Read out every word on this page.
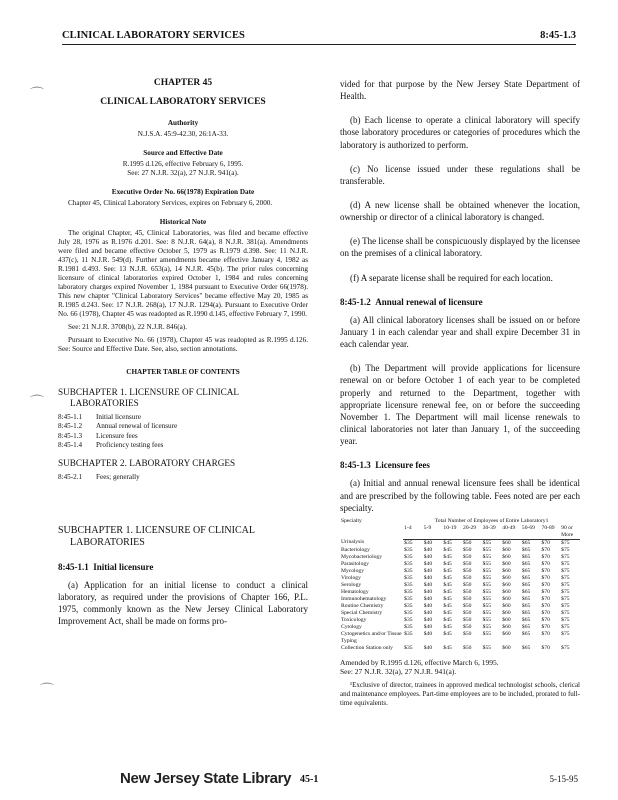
CLINICAL LABORATORY SERVICES	8:45-1.3
⌒
⌒
⌒

CHAPTER 45

CLINICAL LABORATORY SERVICES

Authority

N.J.S.A. 45:9-42.30, 26:1A-33.

Source and Effective Date

R.1995 d.126, effective February 6, 1995.

See: 27 N.J.R. 32(a), 27 N.J.R. 941(a).

Executive Order No. 66(1978) Expiration Date

Chapter 45, Clinical Laboratory Services, expires on February 6, 2000.

Historical Note

The original Chapter, 45, Clinical Laboratories, was filed and became effective July 28, 1976 as R.1976 d.201. See: 8 N.J.R. 64(a), 8 N.J.R. 381(a). Amendments were filed and became effective October 5, 1979 as R.1979 d.398. See: 11 N.J.R. 437(c), 11 N.J.R. 549(d). Further amendments became effective January 4, 1982 as R.1981 d.493. See: 13 N.J.R. 653(a), 14 N.J.R. 45(b). The prior rules concerning licensure of clinical laboratories expired October 1, 1984 and rules concerning laboratory charges expired November 1, 1984 pursuant to Executive Order 66(1978). This new chapter "Clinical Laboratory Services" became effective May 20, 1985 as R.1985 d.243. See: 17 N.J.R. 268(a), 17 N.J.R. 1294(a). Pursuant to Executive Order No. 66 (1978), Chapter 45 was readopted as R.1990 d.145, effective February 7, 1990.

See: 21 N.J.R. 3708(b), 22 N.J.R. 846(a).

Pursuant to Executive No. 66 (1978), Chapter 45 was readopted as R.1995 d.126. See: Source and Effective Date. See, also, section annotations.

CHAPTER TABLE OF CONTENTS

SUBCHAPTER 1. LICENSURE OF CLINICAL

LABORATORIES

8:45-1.1	Initial licensure
8:45-1.2	Annual renewal of licensure
8:45-1.3	Licensure fees
8:45-1.4	Proficiency testing fees

SUBCHAPTER 2. LABORATORY CHARGES

8:45-2.1	Fees; generally

SUBCHAPTER 1. LICENSURE OF CLINICAL

LABORATORIES

8:45-1.1 Initial licensure

(a) Application for an initial license to conduct a clinical laboratory, as required under the provisions of Chapter 166, P.L. 1975, commonly known as the New Jersey Clinical Laboratory Improvement Act, shall be made on forms pro-

vided for that purpose by the New Jersey State Department of Health.

(b) Each license to operate a clinical laboratory will specify those laboratory procedures or categories of procedures which the laboratory is authorized to perform.

(c) No license issued under these regulations shall be transferable.

(d) A new license shall be obtained whenever the location, ownership or director of a clinical laboratory is changed.

(e) The license shall be conspicuously displayed by the licensee on the premises of a clinical laboratory.

(f) A separate license shall be required for each location.

8:45-1.2 Annual renewal of licensure

(a) All clinical laboratory licenses shall be issued on or before January 1 in each calendar year and shall expire December 31 in each calendar year.

(b) The Department will provide applications for licensure renewal on or before October 1 of each year to be completed properly and returned to the Department, together with appropriate licensure renewal fee, on or before the succeeding November 1. The Department will mail license renewals to clinical laboratories not later than January 1, of the succeeding year.

8:45-1.3 Licensure fees

(a) Initial and annual renewal licensure fees shall be identical and are prescribed by the following table. Fees noted are per each specialty.

Specialty	Total Number of Employees of Entire Laboratory1								
	1-4	5-9	10-19	20-29	30-39	40-49	50-69	70-89	90 or More
Urinalysis	$35	$40	$45	$50	$55	$60	$65	$70	$75
Bacteriology	$35	$40	$45	$50	$55	$60	$65	$70	$75
Mycobacteriology	$35	$40	$45	$50	$55	$60	$65	$70	$75
Parasitology	$35	$40	$45	$50	$55	$60	$65	$70	$75
Mycology	$35	$40	$45	$50	$55	$60	$65	$70	$75
Virology	$35	$40	$45	$50	$55	$60	$65	$70	$75
Serology	$35	$40	$45	$50	$55	$60	$65	$70	$75
Hematology	$35	$40	$45	$50	$55	$60	$65	$70	$75
Immunohematology	$35	$40	$45	$50	$55	$60	$65	$70	$75
Routine Chemistry	$35	$40	$45	$50	$55	$60	$65	$70	$75
Special Chemistry	$35	$40	$45	$50	$55	$60	$65	$70	$75
Toxicology	$35	$40	$45	$50	$55	$60	$65	$70	$75
Cytology	$35	$40	$45	$50	$55	$60	$65	$70	$75
Cytogenetics and/or Tissue Typing	$35	$40	$45	$50	$55	$60	$65	$70	$75
Collection Station only	$35	$40	$45	$50	$55	$60	$65	$70	$75

Amended by R.1995 d.126, effective March 6, 1995.

See: 27 N.J.R. 32(a), 27 N.J.R. 941(a).

¹Exclusive of director, trainees in approved medical technologist schools, clerical and maintenance employees. Part-time employees are to be included, prorated to full-time equivalents.

New Jersey State Library 45-1	5-15-95
